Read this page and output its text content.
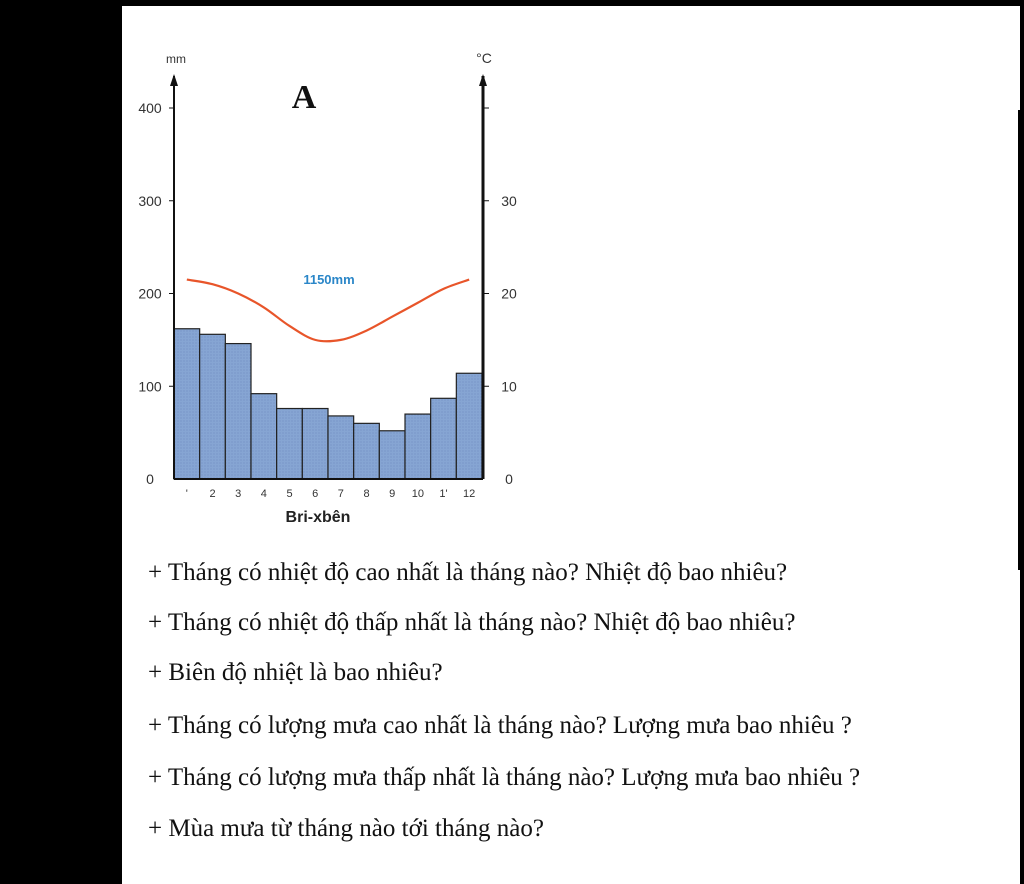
A
mm	°C
0
100
200
300
400
0
10
20
30
' 2 3 4 5 6 7 8 9 10 1' 12
1150mm
Bri-xbên
+ Tháng có nhiệt độ cao nhất là tháng nào? Nhiệt độ bao nhiêu?
+ Tháng có nhiệt độ thấp nhất là tháng nào? Nhiệt độ bao nhiêu?
+ Biên độ nhiệt là bao nhiêu?
+ Tháng có lượng mưa cao nhất là tháng nào? Lượng mưa bao nhiêu ?
+ Tháng có lượng mưa thấp nhất là tháng nào? Lượng mưa bao nhiêu ?
+ Mùa mưa từ tháng nào tới tháng nào?
